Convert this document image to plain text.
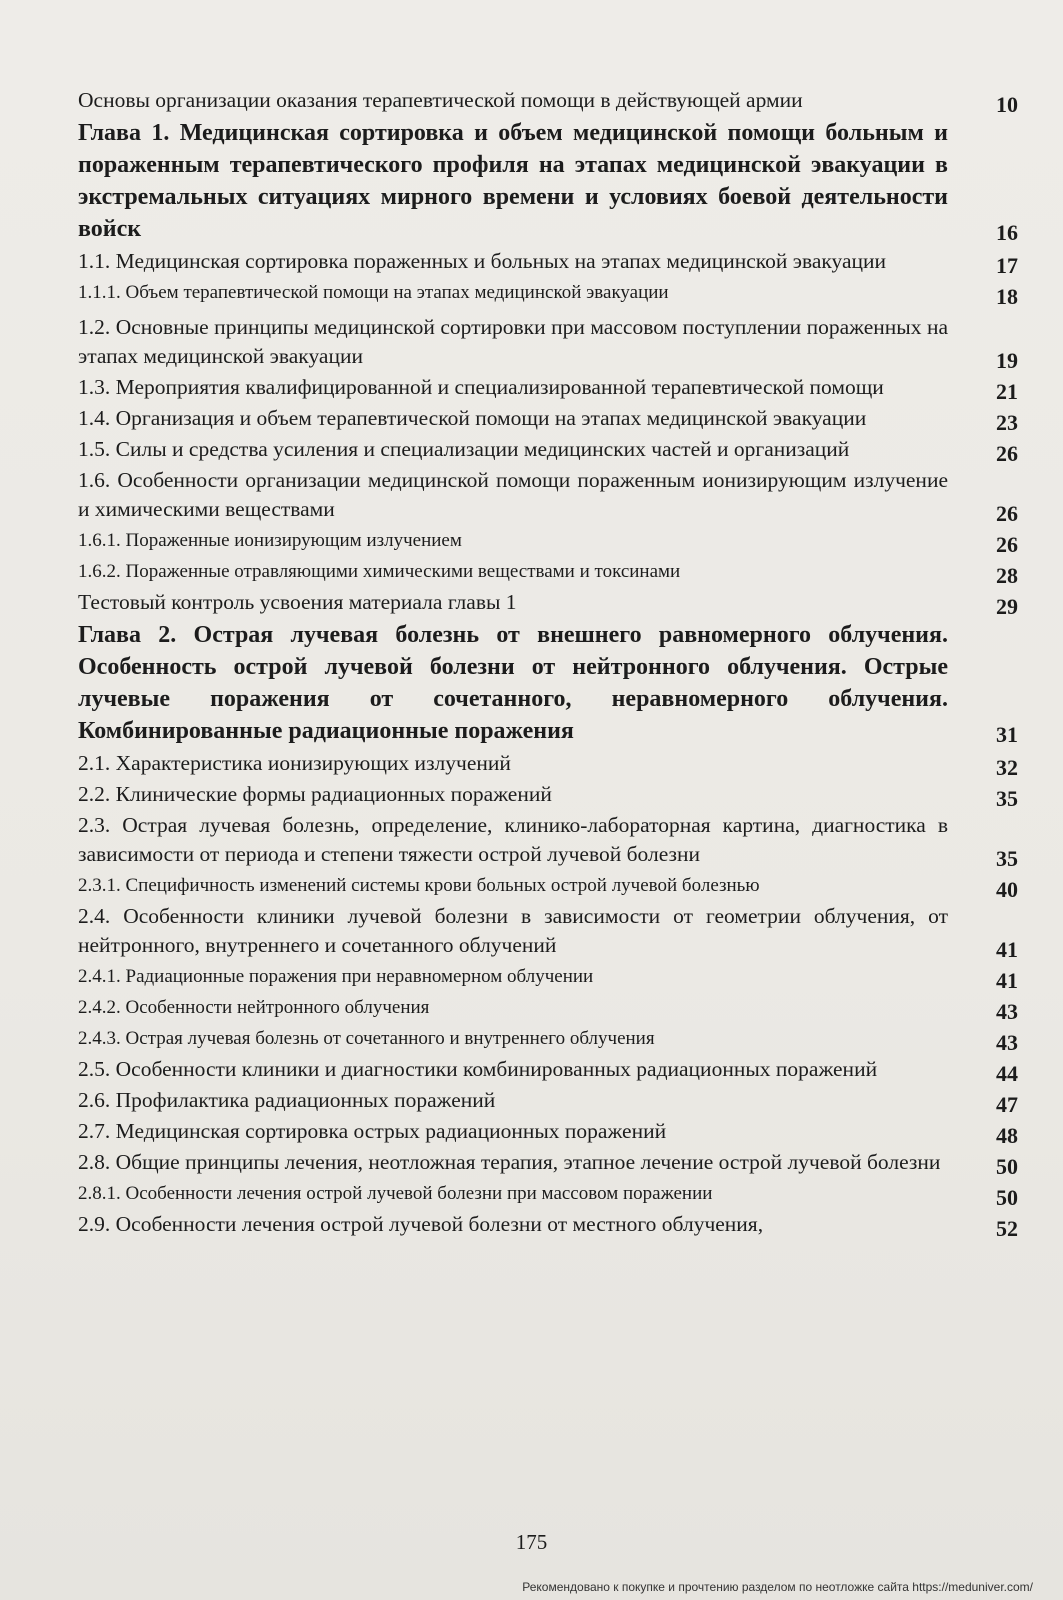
Основы организации оказания терапевтической помощи в действующей армии	10

Глава 1. Медицинская сортировка и объем медицинской помощи больным и пораженным терапевтического профиля на этапах медицинской эвакуации в экстремальных ситуациях мирного времени и условиях боевой деятельности войск	16

1.1. Медицинская сортировка пораженных и больных на этапах медицинской эвакуации	17

1.1.1. Объем терапевтической помощи на этапах медицинской эвакуации	18

1.2. Основные принципы медицинской сортировки при массовом поступлении пораженных на этапах медицинской эвакуации	19

1.3. Мероприятия квалифицированной и специализированной терапевтической помощи	21

1.4. Организация и объем терапевтической помощи на этапах медицинской эвакуации	23

1.5. Силы и средства усиления и специализации медицинских частей и организаций	26

1.6. Особенности организации медицинской помощи пораженным ионизирующим излучение и химическими веществами	26

1.6.1. Пораженные ионизирующим излучением	26

1.6.2. Пораженные отравляющими химическими веществами и токсинами	28

Тестовый контроль усвоения материала главы 1	29

Глава 2. Острая лучевая болезнь от внешнего равномерного облучения. Особенность острой лучевой болезни от нейтронного облучения. Острые лучевые поражения от сочетанного, неравномерного облучения. Комбинированные радиационные поражения	31

2.1. Характеристика ионизирующих излучений	32

2.2. Клинические формы радиационных поражений	35

2.3. Острая лучевая болезнь, определение, клинико-лабораторная картина, диагностика в зависимости от периода и степени тяжести острой лучевой болезни	35

2.3.1. Специфичность изменений системы крови больных острой лучевой болезнью	40

2.4. Особенности клиники лучевой болезни в зависимости от геометрии облучения, от нейтронного, внутреннего и сочетанного облучений	41

2.4.1. Радиационные поражения при неравномерном облучении	41

2.4.2. Особенности нейтронного облучения	43

2.4.3. Острая лучевая болезнь от сочетанного и внутреннего облучения	43

2.5. Особенности клиники и диагностики комбинированных радиационных поражений	44

2.6. Профилактика радиационных поражений	47

2.7. Медицинская сортировка острых радиационных поражений	48

2.8. Общие принципы лечения, неотложная терапия, этапное лечение острой лучевой болезни	50

2.8.1. Особенности лечения острой лучевой болезни при массовом поражении	50

2.9. Особенности лечения острой лучевой болезни от местного облучения,	52

175
Рекомендовано к покупке и прочтению разделом по неотложке сайта https://meduniver.com/
